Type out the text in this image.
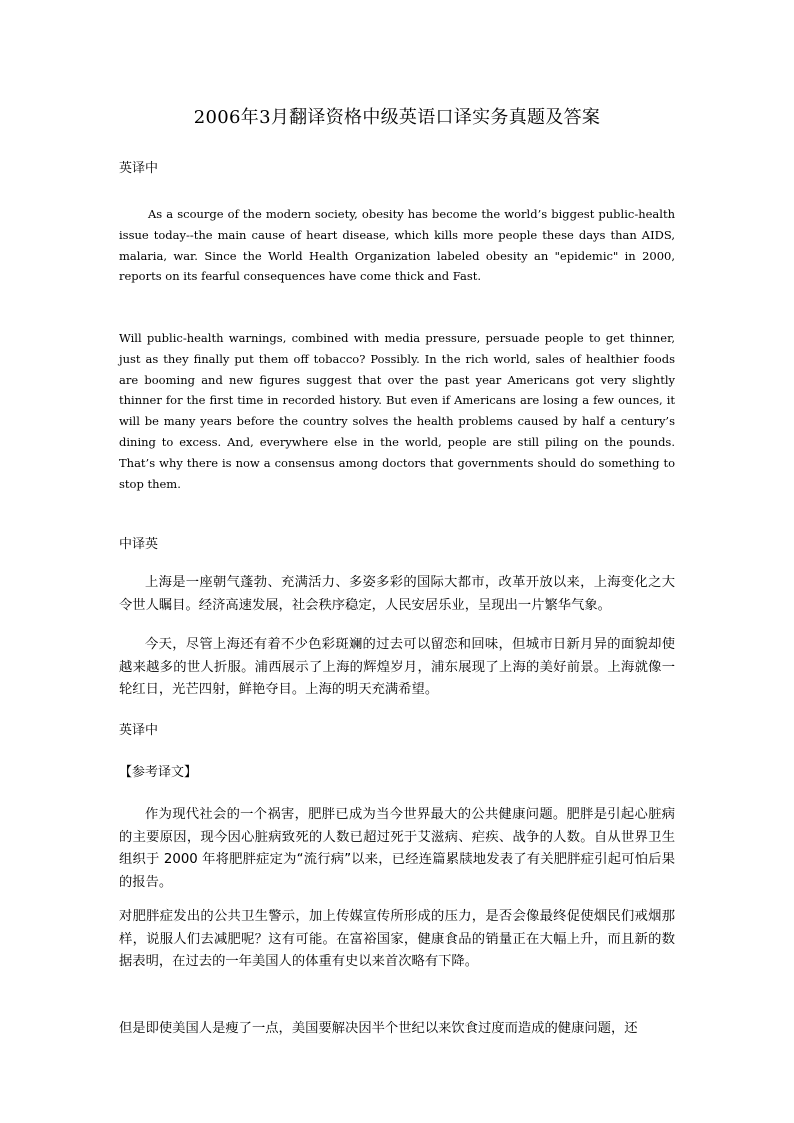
2006年3月翻译资格中级英语口译实务真题及答案
英译中

As a scourge of the modern society, obesity has become the world’s biggest public-health issue today--the main cause of heart disease, which kills more people these days than AIDS, malaria, war. Since the World Health Organization labeled obesity an "epidemic" in 2000, reports on its fearful consequences have come thick and Fast.

Will public-health warnings, combined with media pressure, persuade people to get thinner, just as they finally put them off tobacco? Possibly. In the rich world, sales of healthier foods are booming and new figures suggest that over the past year Americans got very slightly thinner for the first time in recorded history. But even if Americans are losing a few ounces, it will be many years before the country solves the health problems caused by half a century’s dining to excess. And, everywhere else in the world, people are still piling on the pounds. That’s why there is now a consensus among doctors that governments should do something to stop them.

中译英

上海是一座朝气蓬勃、充满活力、多姿多彩的国际大都市，改革开放以来，上海变化之大令世人瞩目。经济高速发展，社会秩序稳定，人民安居乐业，呈现出一片繁华气象。

今天，尽管上海还有着不少色彩斑斓的过去可以留恋和回味，但城市日新月异的面貌却使越来越多的世人折服。浦西展示了上海的辉煌岁月，浦东展现了上海的美好前景。上海就像一轮红日，光芒四射，鲜艳夺目。上海的明天充满希望。

英译中
【参考译文】

作为现代社会的一个祸害，肥胖已成为当今世界最大的公共健康问题。肥胖是引起心脏病的主要原因，现今因心脏病致死的人数已超过死于艾滋病、疟疾、战争的人数。自从世界卫生组织于 2000 年将肥胖症定为“流行病”以来，已经连篇累牍地发表了有关肥胖症引起可怕后果的报告。

对肥胖症发出的公共卫生警示，加上传媒宣传所形成的压力，是否会像最终促使烟民们戒烟那样，说服人们去减肥呢？这有可能。在富裕国家，健康食品的销量正在大幅上升，而且新的数据表明，在过去的一年美国人的体重有史以来首次略有下降。

但是即使美国人是瘦了一点，美国要解决因半个世纪以来饮食过度而造成的健康问题，还
